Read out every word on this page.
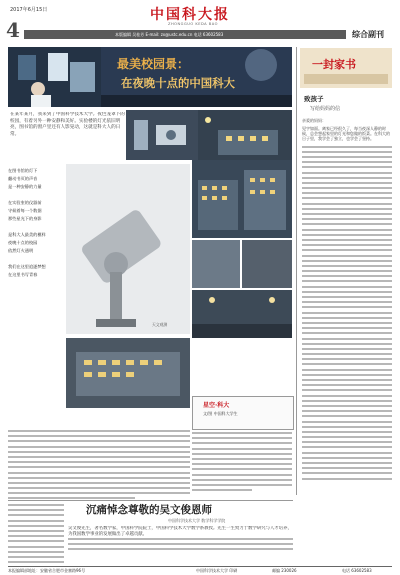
2017年6月15日
4
中国科大报
ZHONGGUO KEDA BAO
本版编辑 吴桂芳 E-mail: zx@ustc.edu.cn 电话 63602583	综合副刊
最美校园景：
在夜晚十点的中国科大
在某年某月，我来到了中国科学技术大学。夜色笼罩下的校园，有着另外一种安静和美好。实验楼的灯光依旧明亮，图书馆的窗户里还有人影晃动，这就是科大人的日常。
在图书馆的灯下
翻动书页的声音
是一种安静的力量
在实验室的仪器前
守候着每一个数据
那些星光下的身影
是科大人最美的模样
夜晚十点的校园
依然灯火通明
我们在这里追逐梦想
在这里书写青春
天文观测
星空·科大
文/图 中国科大学生
一封家书
致孩子
写给妈妈的信
亲爱的妈妈：
见字如面。离家已经很久了，每当夜深人静的时候，总会想起家里的灯光和您做的饭菜。在科大的日子里，我学会了独立，也学会了坚持。
沉痛悼念尊敬的吴文俊恩师
中国科学技术大学 数学科学学院
吴文俊先生，著名数学家，中国科学院院士，中国科学技术大学数学系教授。先生一生致力于数学研究与人才培养，为我国数学事业的发展做出了卓越贡献。
本报编辑部地址：安徽省合肥市金寨路96号	中国科学技术大学 印刷	邮编 230026	电话 63602583
